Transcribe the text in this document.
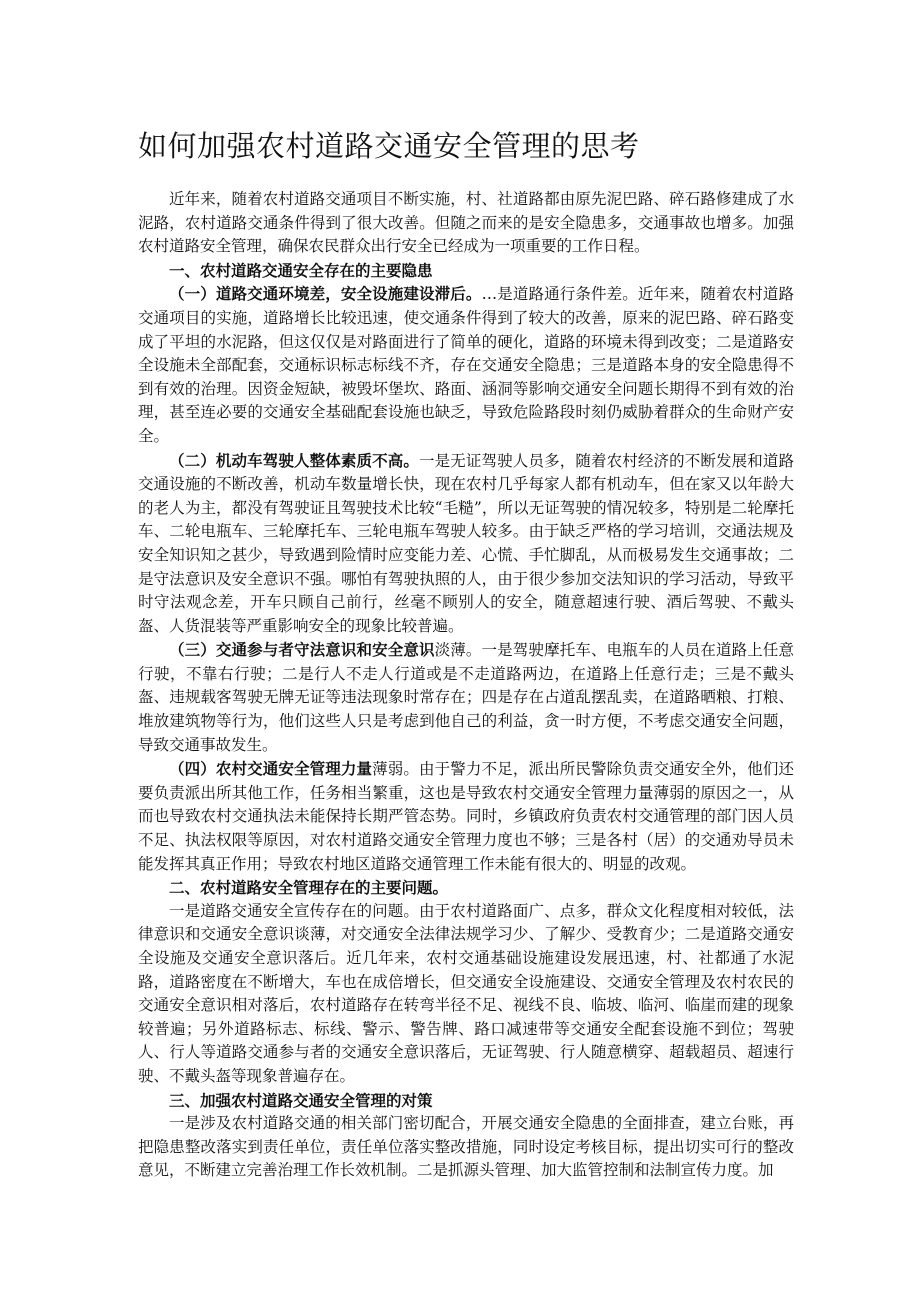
如何加强农村道路交通安全管理的思考

近年来，随着农村道路交通项目不断实施，村、社道路都由原先泥巴路、碎石路修建成了水泥路，农村道路交通条件得到了很大改善。但随之而来的是安全隐患多，交通事故也增多。加强农村道路安全管理，确保农民群众出行安全已经成为一项重要的工作日程。

一、农村道路交通安全存在的主要隐患

（一）道路交通环境差，安全设施建设滞后。…是道路通行条件差。近年来，随着农村道路交通项目的实施，道路增长比较迅速，使交通条件得到了较大的改善，原来的泥巴路、碎石路变成了平坦的水泥路，但这仅仅是对路面进行了简单的硬化，道路的环境未得到改变；二是道路安全设施未全部配套，交通标识标志标线不齐，存在交通安全隐患；三是道路本身的安全隐患得不到有效的治理。因资金短缺，被毁坏堡坎、路面、涵洞等影响交通安全问题长期得不到有效的治理，甚至连必要的交通安全基础配套设施也缺乏，导致危险路段时刻仍威胁着群众的生命财产安全。

（二）机动车驾驶人整体素质不高。一是无证驾驶人员多，随着农村经济的不断发展和道路交通设施的不断改善，机动车数量增长快，现在农村几乎每家人都有机动车，但在家又以年龄大的老人为主，都没有驾驶证且驾驶技术比较“毛糙”，所以无证驾驶的情况较多，特别是二轮摩托车、二轮电瓶车、三轮摩托车、三轮电瓶车驾驶人较多。由于缺乏严格的学习培训，交通法规及安全知识知之甚少，导致遇到险情时应变能力差、心慌、手忙脚乱，从而极易发生交通事故；二是守法意识及安全意识不强。哪怕有驾驶执照的人，由于很少参加交法知识的学习活动，导致平时守法观念差，开车只顾自己前行，丝毫不顾别人的安全，随意超速行驶、酒后驾驶、不戴头盔、人货混装等严重影响安全的现象比较普遍。

（三）交通参与者守法意识和安全意识淡薄。一是驾驶摩托车、电瓶车的人员在道路上任意行驶，不靠右行驶；二是行人不走人行道或是不走道路两边，在道路上任意行走；三是不戴头盔、违规载客驾驶无牌无证等违法现象时常存在；四是存在占道乱摆乱卖，在道路晒粮、打粮、堆放建筑物等行为，他们这些人只是考虑到他自己的利益，贪一时方便，不考虑交通安全问题，导致交通事故发生。

（四）农村交通安全管理力量薄弱。由于警力不足，派出所民警除负责交通安全外，他们还要负责派出所其他工作，任务相当繁重，这也是导致农村交通安全管理力量薄弱的原因之一，从而也导致农村交通执法未能保持长期严管态势。同时，乡镇政府负责农村交通管理的部门因人员不足、执法权限等原因，对农村道路交通安全管理力度也不够；三是各村（居）的交通劝导员未能发挥其真正作用；导致农村地区道路交通管理工作未能有很大的、明显的改观。

二、农村道路安全管理存在的主要问题。

一是道路交通安全宣传存在的问题。由于农村道路面广、点多，群众文化程度相对较低，法律意识和交通安全意识谈薄，对交通安全法律法规学习少、了解少、受教育少；二是道路交通安全设施及交通安全意识落后。近几年来，农村交通基础设施建设发展迅速，村、社都通了水泥路，道路密度在不断增大，车也在成倍增长，但交通安全设施建设、交通安全管理及农村农民的交通安全意识相对落后，农村道路存在转弯半径不足、视线不良、临坡、临河、临崖而建的现象较普遍；另外道路标志、标线、警示、警告牌、路口减速带等交通安全配套设施不到位；驾驶人、行人等道路交通参与者的交通安全意识落后，无证驾驶、行人随意横穿、超载超员、超速行驶、不戴头盔等现象普遍存在。

三、加强农村道路交通安全管理的对策

一是涉及农村道路交通的相关部门密切配合，开展交通安全隐患的全面排查，建立台账，再把隐患整改落实到责任单位，责任单位落实整改措施，同时设定考核目标，提出切实可行的整改意见，不断建立完善治理工作长效机制。二是抓源头管理、加大监管控制和法制宣传力度。加
